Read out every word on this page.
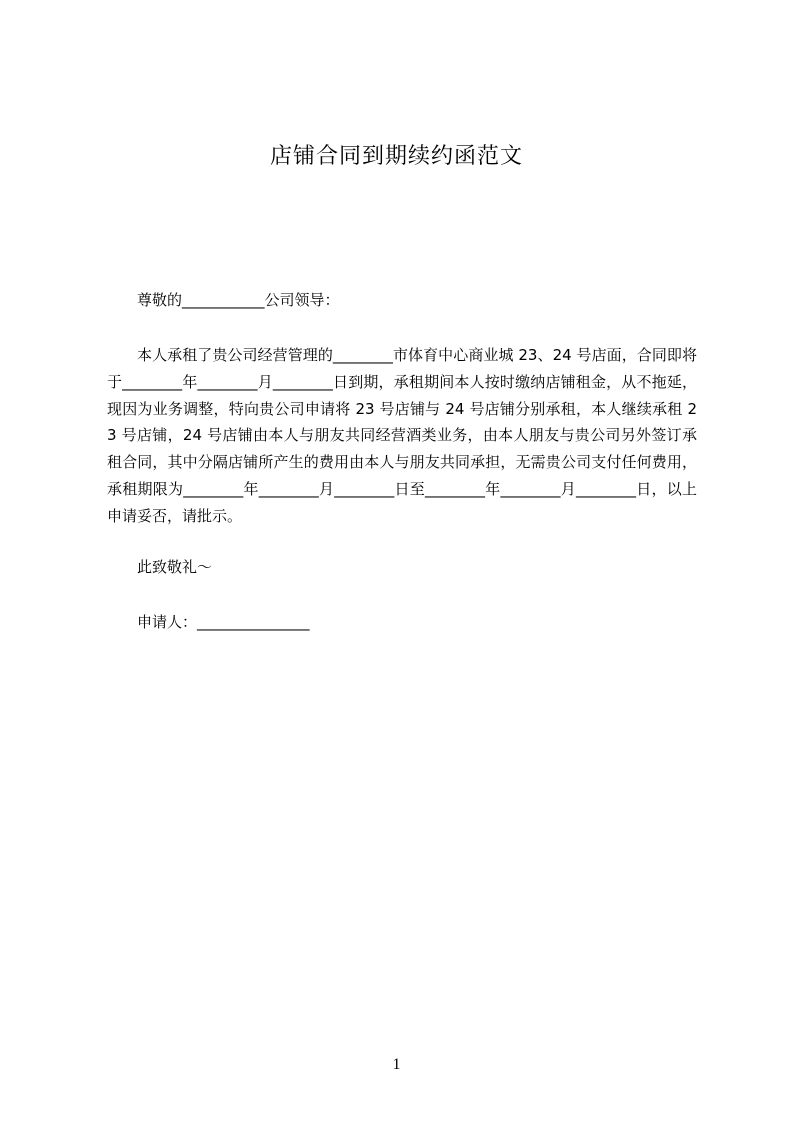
店铺合同到期续约函范文
尊敬的___________公司领导：
本人承租了贵公司经营管理的________市体育中心商业城 23、24 号店面，合同即将于________年________月________日到期，承租期间本人按时缴纳店铺租金，从不拖延，现因为业务调整，特向贵公司申请将 23 号店铺与 24 号店铺分别承租，本人继续承租 23 号店铺，24 号店铺由本人与朋友共同经营酒类业务，由本人朋友与贵公司另外签订承租合同，其中分隔店铺所产生的费用由本人与朋友共同承担，无需贵公司支付任何费用，承租期限为________年________月________日至________年________月________日，以上申请妥否，请批示。
此致敬礼～
申请人：_______________
1
